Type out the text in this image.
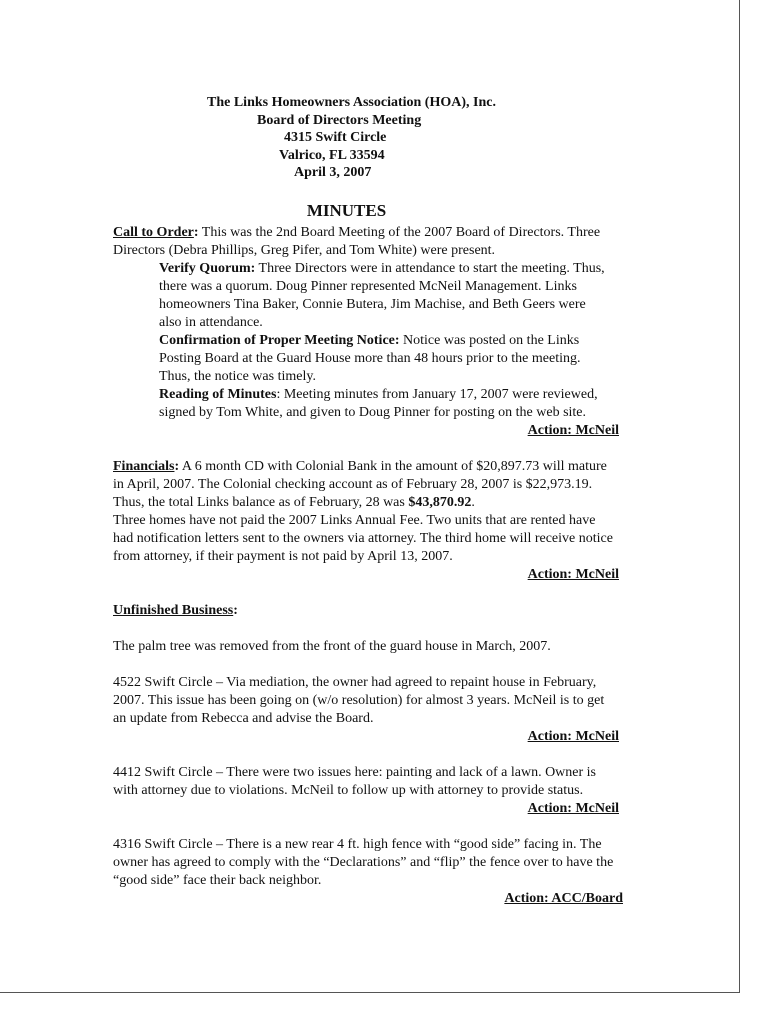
The Links Homeowners Association (HOA), Inc.
Board of Directors Meeting
4315 Swift Circle
Valrico, FL 33594
April 3, 2007
MINUTES

Call to Order: This was the 2nd Board Meeting of the 2007 Board of Directors. Three

Directors (Debra Phillips, Greg Pifer, and Tom White) were present.

Verify Quorum: Three Directors were in attendance to start the meeting. Thus,

there was a quorum. Doug Pinner represented McNeil Management. Links

homeowners Tina Baker, Connie Butera, Jim Machise, and Beth Geers were

also in attendance.

Confirmation of Proper Meeting Notice: Notice was posted on the Links

Posting Board at the Guard House more than 48 hours prior to the meeting.

Thus, the notice was timely.

Reading of Minutes: Meeting minutes from January 17, 2007 were reviewed,

signed by Tom White, and given to Doug Pinner for posting on the web site.

Action: McNeil

Financials: A 6 month CD with Colonial Bank in the amount of $20,897.73 will mature

in April, 2007. The Colonial checking account as of February 28, 2007 is $22,973.19.

Thus, the total Links balance as of February, 28 was $43,870.92.

Three homes have not paid the 2007 Links Annual Fee. Two units that are rented have

had notification letters sent to the owners via attorney. The third home will receive notice

from attorney, if their payment is not paid by April 13, 2007.

Action: McNeil

Unfinished Business:

The palm tree was removed from the front of the guard house in March, 2007.

4522 Swift Circle – Via mediation, the owner had agreed to repaint house in February,

2007. This issue has been going on (w/o resolution) for almost 3 years. McNeil is to get

an update from Rebecca and advise the Board.

Action: McNeil

4412 Swift Circle – There were two issues here: painting and lack of a lawn. Owner is

with attorney due to violations. McNeil to follow up with attorney to provide status.

Action: McNeil

4316 Swift Circle – There is a new rear 4 ft. high fence with “good side” facing in. The

owner has agreed to comply with the “Declarations” and “flip” the fence over to have the

“good side” face their back neighbor.

Action: ACC/Board
